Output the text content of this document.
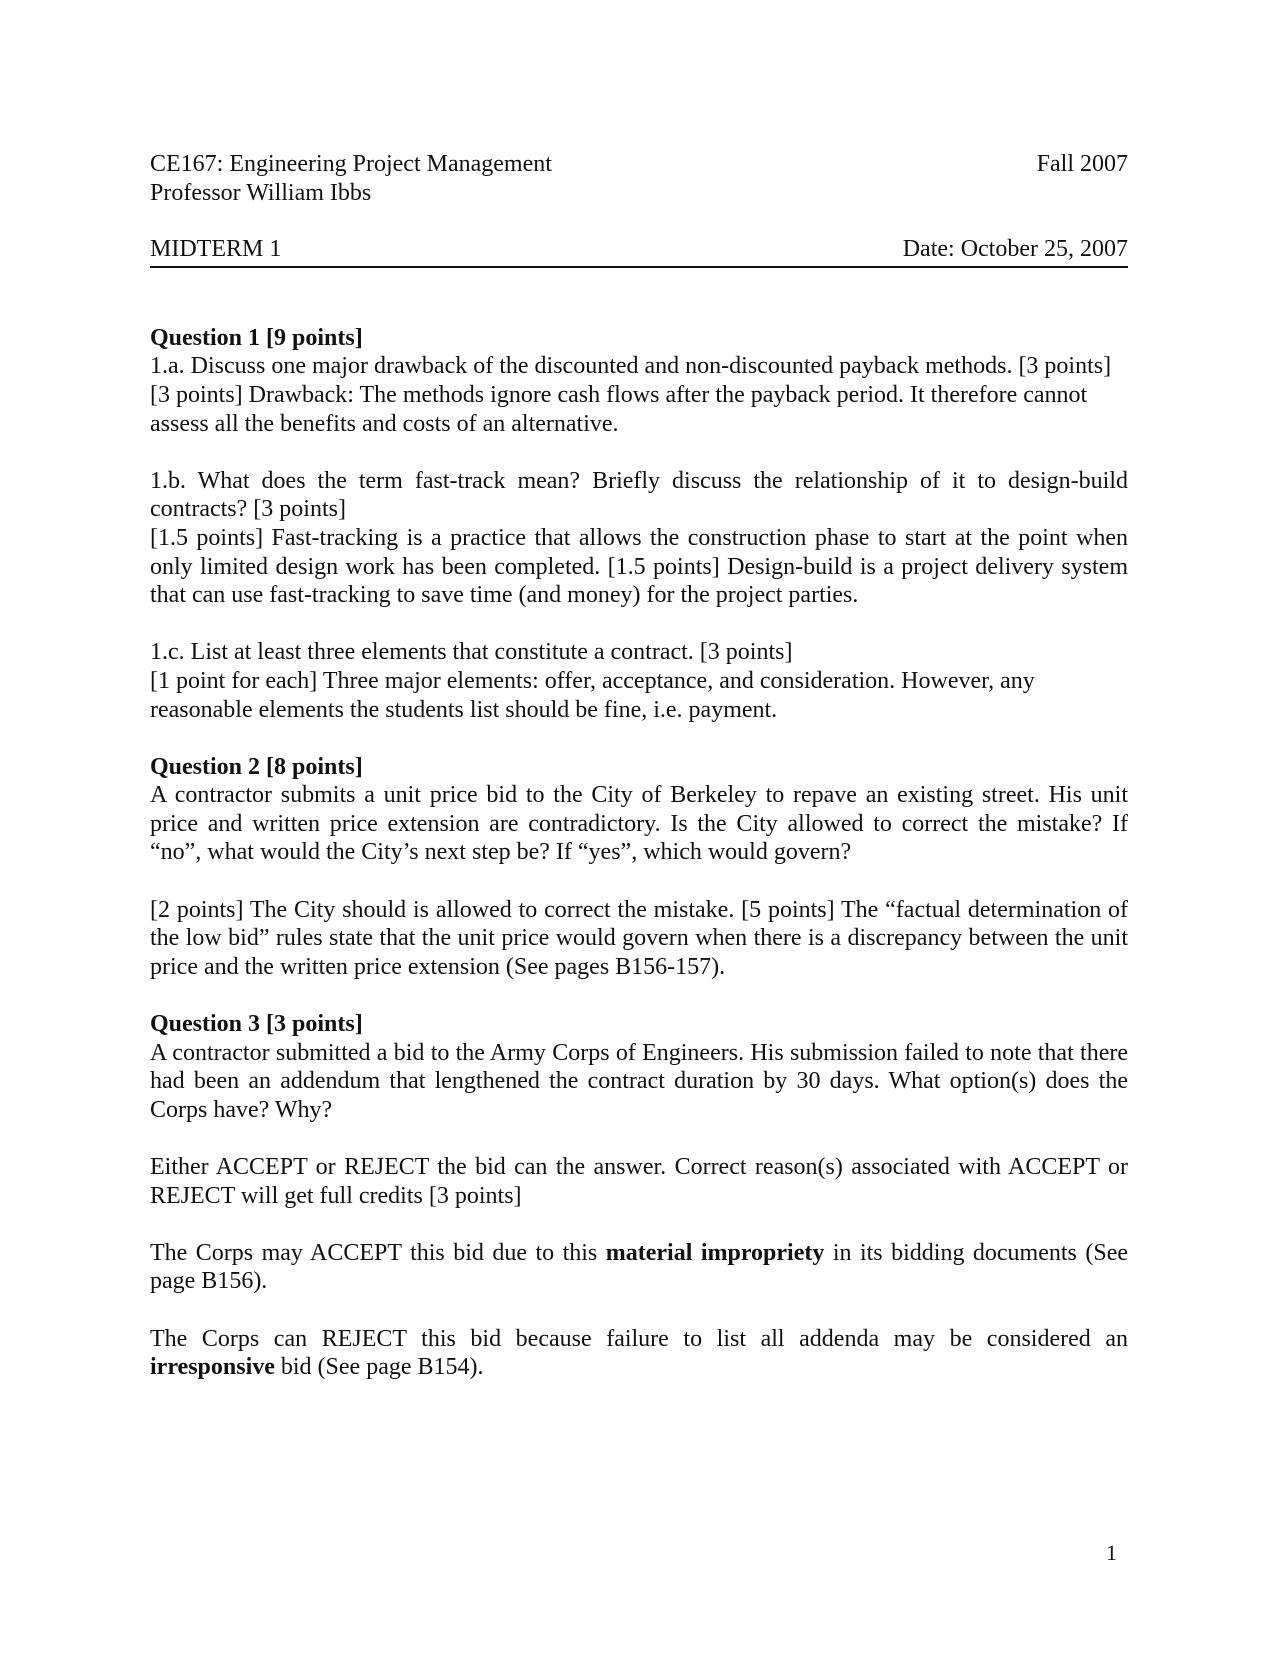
CE167: Engineering Project Management	Fall 2007
Professor William Ibbs
MIDTERM 1	Date: October 25, 2007

Question 1 [9 points]

1.a. Discuss one major drawback of the discounted and non-discounted payback methods. [3 points]

[3 points] Drawback: The methods ignore cash flows after the payback period. It therefore cannot assess all the benefits and costs of an alternative.

1.b. What does the term fast-track mean? Briefly discuss the relationship of it to design-build contracts? [3 points]

[1.5 points] Fast-tracking is a practice that allows the construction phase to start at the point when only limited design work has been completed. [1.5 points] Design-build is a project delivery system that can use fast-tracking to save time (and money) for the project parties.

1.c. List at least three elements that constitute a contract. [3 points]

[1 point for each] Three major elements: offer, acceptance, and consideration. However, any reasonable elements the students list should be fine, i.e. payment.

Question 2 [8 points]

A contractor submits a unit price bid to the City of Berkeley to repave an existing street. His unit price and written price extension are contradictory. Is the City allowed to correct the mistake? If “no”, what would the City’s next step be? If “yes”, which would govern?

[2 points] The City should is allowed to correct the mistake. [5 points] The “factual determination of the low bid” rules state that the unit price would govern when there is a discrepancy between the unit price and the written price extension (See pages B156-157).

Question 3 [3 points]

A contractor submitted a bid to the Army Corps of Engineers. His submission failed to note that there had been an addendum that lengthened the contract duration by 30 days. What option(s) does the Corps have? Why?

Either ACCEPT or REJECT the bid can the answer. Correct reason(s) associated with ACCEPT or REJECT will get full credits [3 points]

The Corps may ACCEPT this bid due to this material impropriety in its bidding documents (See page B156).

The Corps can REJECT this bid because failure to list all addenda may be considered an irresponsive bid (See page B154).

1
